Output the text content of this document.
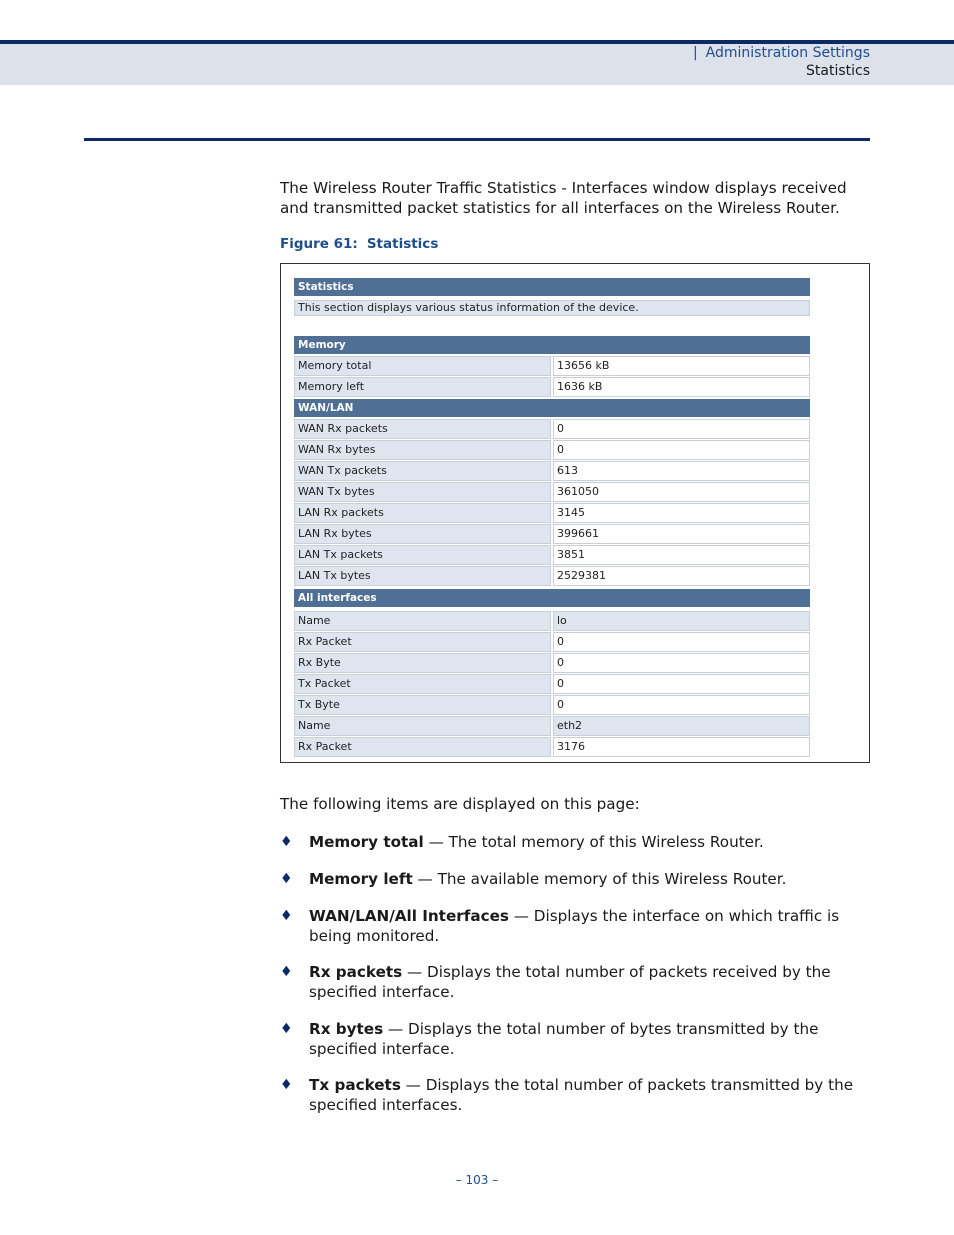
| Administration Settings
Statistics

The Wireless Router Traffic Statistics - Interfaces window displays received and transmitted packet statistics for all interfaces on the Wireless Router.

Figure 61: Statistics
Statistics
This section displays various status information of the device.
Memory
Memory total	13656 kB
Memory left	1636 kB
WAN/LAN
WAN Rx packets	0
WAN Rx bytes	0
WAN Tx packets	613
WAN Tx bytes	361050
LAN Rx packets	3145
LAN Rx bytes	399661
LAN Tx packets	3851
LAN Tx bytes	2529381
All interfaces
Name	lo
Rx Packet	0
Rx Byte	0
Tx Packet	0
Tx Byte	0
Name	eth2
Rx Packet	3176

The following items are displayed on this page:

♦ Memory total — The total memory of this Wireless Router.
♦ Memory left — The available memory of this Wireless Router.
♦ WAN/LAN/All Interfaces — Displays the interface on which traffic is being monitored.
♦ Rx packets — Displays the total number of packets received by the specified interface.
♦ Rx bytes — Displays the total number of bytes transmitted by the specified interface.
♦ Tx packets — Displays the total number of packets transmitted by the specified interfaces.
– 103 –
